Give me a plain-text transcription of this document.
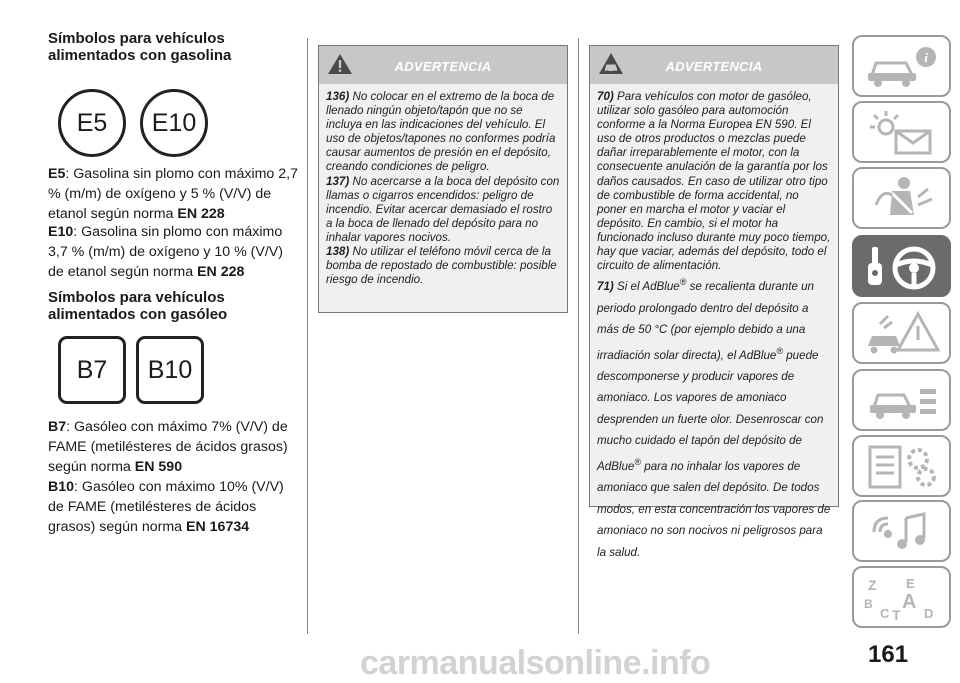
Símbolos para vehículos alimentados con gasolina
E5 E10

E5: Gasolina sin plomo con máximo 2,7 % (m/m) de oxígeno y 5 % (V/V) de etanol según norma EN 228

E10: Gasolina sin plomo con máximo 3,7 % (m/m) de oxígeno y 10 % (V/V) de etanol según norma EN 228

Símbolos para vehículos alimentados con gasóleo
B7 B10

B7: Gasóleo con máximo 7% (V/V) de FAME (metilésteres de ácidos grasos) según norma EN 590

B10: Gasóleo con máximo 10% (V/V) de FAME (metilésteres de ácidos grasos) según norma EN 16734

ADVERTENCIA
136) No colocar en el extremo de la boca de llenado ningún objeto/tapón que no se incluya en las indicaciones del vehículo. El uso de objetos/tapones no conformes podría causar aumentos de presión en el depósito, creando condiciones de peligro.
137) No acercarse a la boca del depósito con llamas o cigarros encendidos: peligro de incendio. Evitar acercar demasiado el rostro a la boca de llenado del depósito para no inhalar vapores nocivos.
138) No utilizar el teléfono móvil cerca de la bomba de repostado de combustible: posible riesgo de incendio.
ADVERTENCIA
70) Para vehículos con motor de gasóleo, utilizar solo gasóleo para automoción conforme a la Norma Europea EN 590. El uso de otros productos o mezclas puede dañar irreparablemente el motor, con la consecuente anulación de la garantía por los daños causados. En caso de utilizar otro tipo de combustible de forma accidental, no poner en marcha el motor y vaciar el depósito. En cambio, si el motor ha funcionado incluso durante muy poco tiempo, hay que vaciar, además del depósito, todo el circuito de alimentación.
71) Si el AdBlue® se recalienta durante un periodo prolongado dentro del depósito a más de 50 °C (por ejemplo debido a una irradiación solar directa), el AdBlue® puede descomponerse y producir vapores de amoniaco. Los vapores de amoniaco desprenden un fuerte olor. Desenroscar con mucho cuidado el tapón del depósito de AdBlue® para no inhalar los vapores de amoniaco que salen del depósito. De todos modos, en esta concentración los vapores de amoniaco no son nocivos ni peligrosos para la salud.
i
Z E
B A
C T D
161
carmanualsonline.info
